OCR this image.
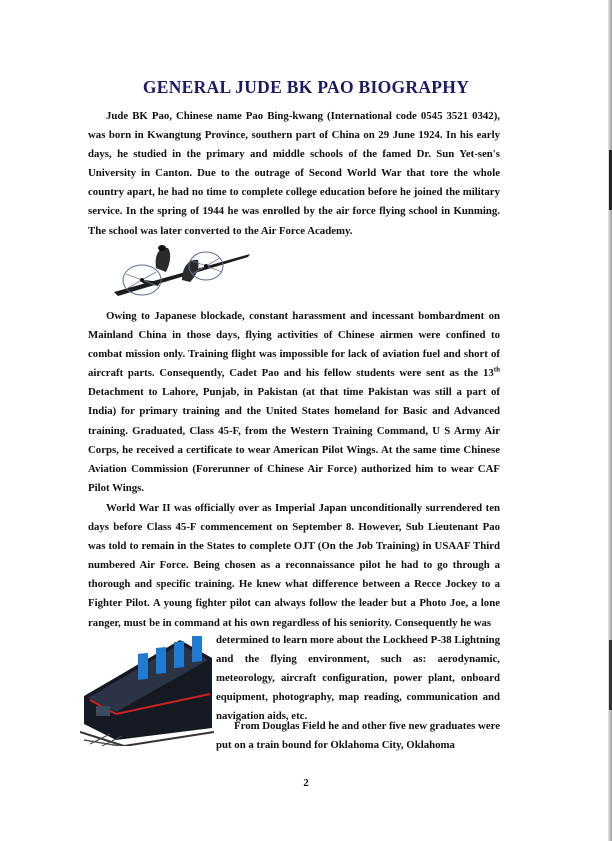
GENERAL JUDE BK PAO BIOGRAPHY

Jude BK Pao, Chinese name Pao Bing-kwang (International code 0545 3521 0342), was born in Kwangtung Province, southern part of China on 29 June 1924. In his early days, he studied in the primary and middle schools of the famed Dr. Sun Yet-sen's University in Canton. Due to the outrage of Second World War that tore the whole country apart, he had no time to complete college education before he joined the military service. In the spring of 1944 he was enrolled by the air force flying school in Kunming. The school was later converted to the Air Force Academy.

Owing to Japanese blockade, constant harassment and incessant bombardment on Mainland China in those days, flying activities of Chinese airmen were confined to combat mission only. Training flight was impossible for lack of aviation fuel and short of aircraft parts. Consequently, Cadet Pao and his fellow students were sent as the 13th Detachment to Lahore, Punjab, in Pakistan (at that time Pakistan was still a part of India) for primary training and the United States homeland for Basic and Advanced training. Graduated, Class 45-F, from the Western Training Command, U S Army Air Corps, he received a certificate to wear American Pilot Wings. At the same time Chinese Aviation Commission (Forerunner of Chinese Air Force) authorized him to wear CAF Pilot Wings.

World War II was officially over as Imperial Japan unconditionally surrendered ten days before Class 45-F commencement on September 8. However, Sub Lieutenant Pao was told to remain in the States to complete OJT (On the Job Training) in USAAF Third numbered Air Force. Being chosen as a reconnaissance pilot he had to go through a thorough and specific training. He knew what difference between a Recce Jockey to a Fighter Pilot. A young fighter pilot can always follow the leader but a Photo Joe, a lone ranger, must be in command at his own regardless of his seniority. Consequently he was

determined to learn more about the Lockheed P-38 Lightning and the flying environment, such as: aerodynamic, meteorology, aircraft configuration, power plant, onboard equipment, photography, map reading, communication and navigation aids, etc.

From Douglas Field he and other five new graduates were put on a train bound for Oklahoma City, Oklahoma

2
